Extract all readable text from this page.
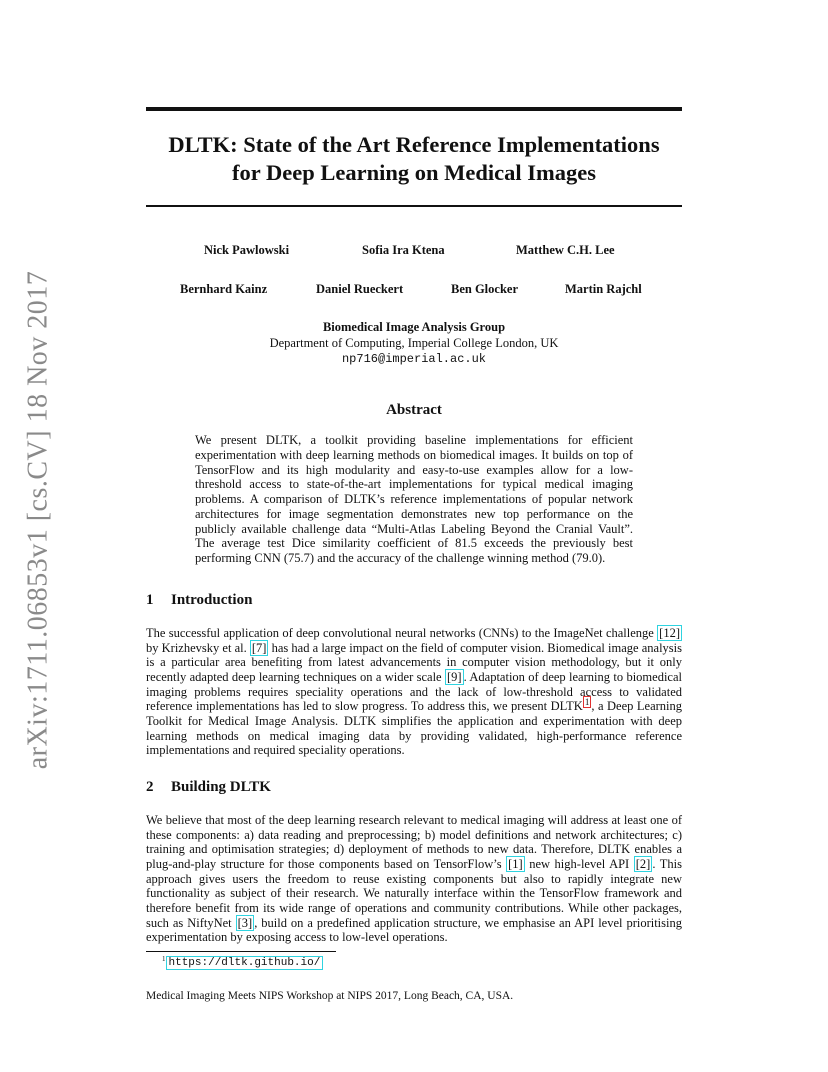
arXiv:1711.06853v1 [cs.CV] 18 Nov 2017
DLTK: State of the Art Reference Implementations
for Deep Learning on Medical Images
Nick Pawlowski	Sofia Ira Ktena	Matthew C.H. Lee
Bernhard Kainz	Daniel Rueckert	Ben Glocker	Martin Rajchl
Biomedical Image Analysis Group
Department of Computing, Imperial College London, UK
np716@imperial.ac.uk
Abstract

We present DLTK, a toolkit providing baseline implementations for efficient experimentation with deep learning methods on biomedical images. It builds on top of TensorFlow and its high modularity and easy-to-use examples allow for a low-threshold access to state-of-the-art implementations for typical medical imaging problems. A comparison of DLTK’s reference implementations of popular network architectures for image segmentation demonstrates new top performance on the publicly available challenge data “Multi-Atlas Labeling Beyond the Cranial Vault”. The average test Dice similarity coefficient of 81.5 exceeds the previously best performing CNN (75.7) and the accuracy of the challenge winning method (79.0).

1 Introduction

The successful application of deep convolutional neural networks (CNNs) to the ImageNet challenge [12] by Krizhevsky et al. [7] has had a large impact on the field of computer vision. Biomedical image analysis is a particular area benefiting from latest advancements in computer vision methodology, but it only recently adapted deep learning techniques on a wider scale [9] . Adaptation of deep learning to biomedical imaging problems requires speciality operations and the lack of low-threshold access to validated reference implementations has led to slow progress. To address this, we present DLTK $^1$ , a Deep Learning Toolkit for Medical Image Analysis. DLTK simplifies the application and experimentation with deep learning methods on medical imaging data by providing validated, high-performance reference implementations and required speciality operations.

2 Building DLTK

We believe that most of the deep learning research relevant to medical imaging will address at least one of these components: a) data reading and preprocessing; b) model definitions and network architectures; c) training and optimisation strategies; d) deployment of methods to new data. Therefore, DLTK enables a plug-and-play structure for those components based on TensorFlow’s [1] new high-level API [2] . This approach gives users the freedom to reuse existing components but also to rapidly integrate new functionality as subject of their research. We naturally interface within the TensorFlow framework and therefore benefit from its wide range of operations and community contributions. While other packages, such as NiftyNet [3] , build on a predefined application structure, we emphasise an API level prioritising experimentation by exposing access to low-level operations.

$^1$ https://dltk.github.io/

Medical Imaging Meets NIPS Workshop at NIPS 2017, Long Beach, CA, USA.
